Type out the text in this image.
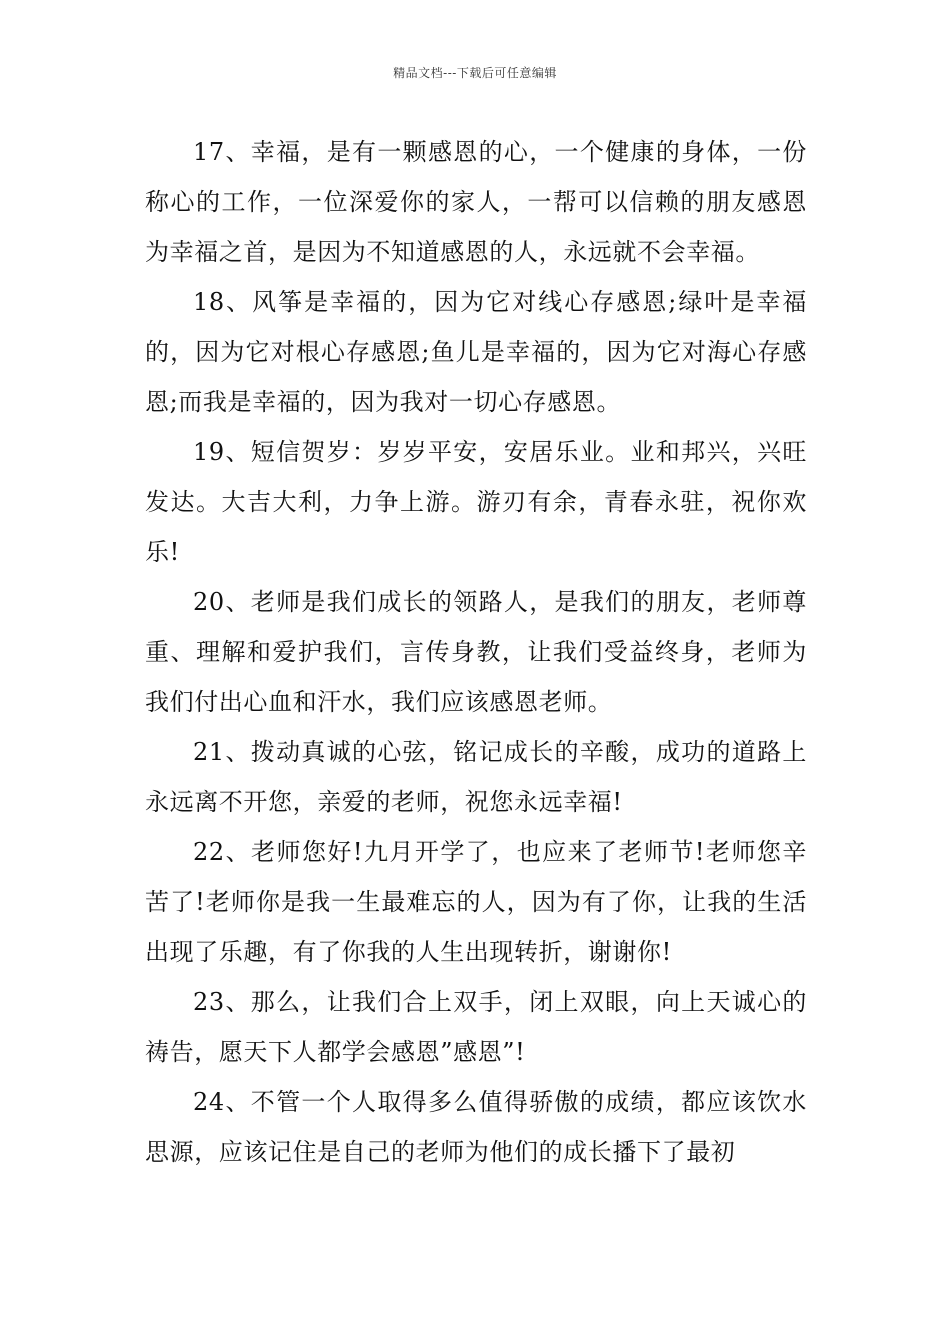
精品文档---下载后可任意编辑

17、幸福，是有一颗感恩的心，一个健康的身体，一份称心的工作，一位深爱你的家人，一帮可以信赖的朋友感恩为幸福之首，是因为不知道感恩的人，永远就不会幸福。

18、风筝是幸福的，因为它对线心存感恩;绿叶是幸福的，因为它对根心存感恩;鱼儿是幸福的，因为它对海心存感恩;而我是幸福的，因为我对一切心存感恩。

19、短信贺岁：岁岁平安，安居乐业。业和邦兴，兴旺发达。大吉大利，力争上游。游刃有余，青春永驻，祝你欢乐!

20、老师是我们成长的领路人，是我们的朋友，老师尊重、理解和爱护我们，言传身教，让我们受益终身，老师为我们付出心血和汗水，我们应该感恩老师。

21、拨动真诚的心弦，铭记成长的辛酸，成功的道路上永远离不开您，亲爱的老师，祝您永远幸福!

22、老师您好!九月开学了，也应来了老师节!老师您辛苦了!老师你是我一生最难忘的人，因为有了你，让我的生活出现了乐趣，有了你我的人生出现转折，谢谢你!

23、那么，让我们合上双手，闭上双眼，向上天诚心的祷告，愿天下人都学会感恩”感恩”!

24、不管一个人取得多么值得骄傲的成绩，都应该饮水思源，应该记住是自己的老师为他们的成长播下了最初
